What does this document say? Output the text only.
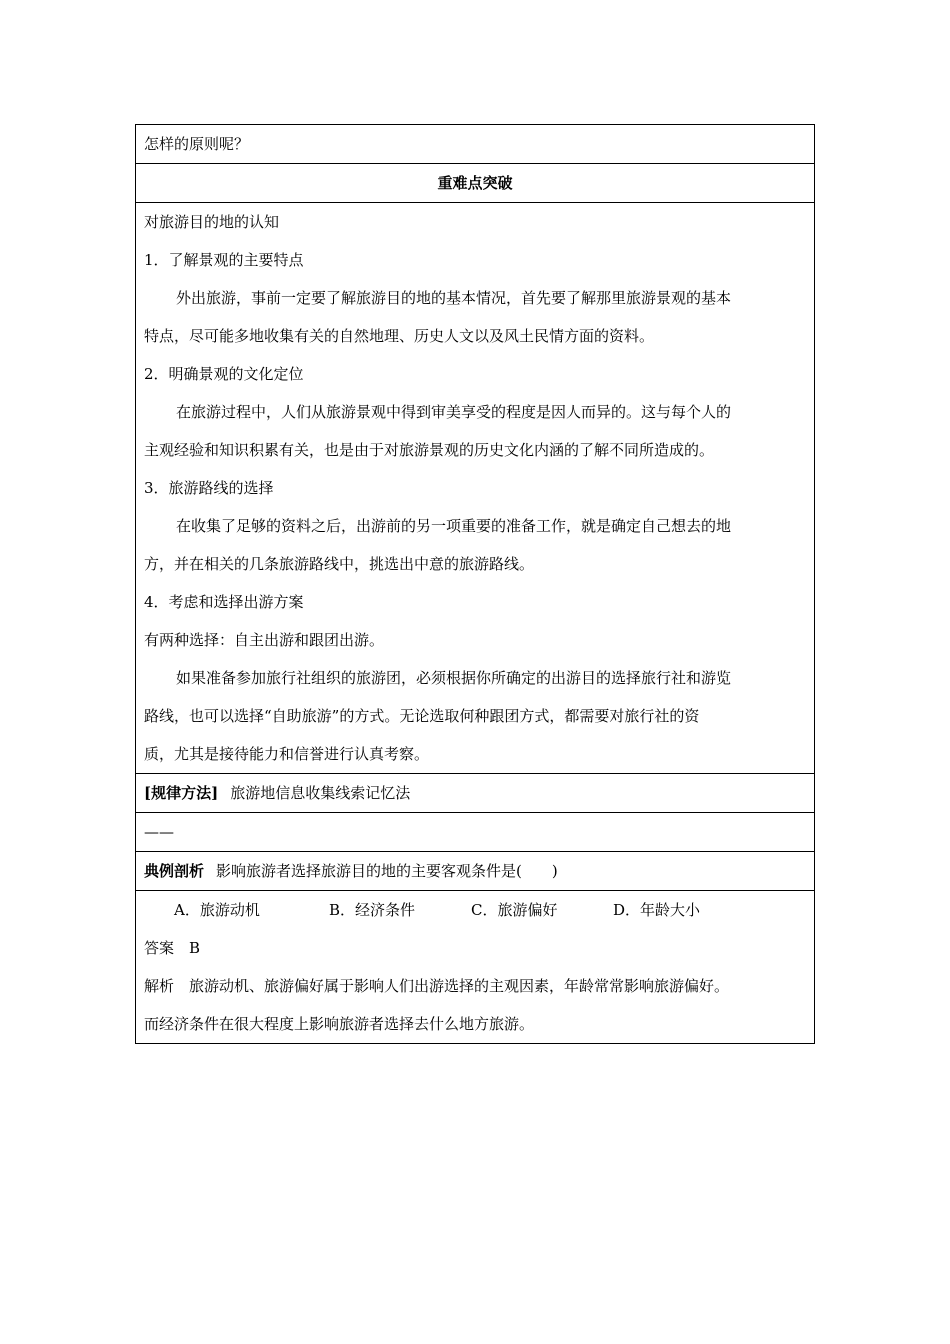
怎样的原则呢？

重难点突破

对旅游目的地的认知
1．了解景观的主要特点
外出旅游，事前一定要了解旅游目的地的基本情况，首先要了解那里旅游景观的基本
特点，尽可能多地收集有关的自然地理、历史人文以及风土民情方面的资料。
2．明确景观的文化定位
在旅游过程中，人们从旅游景观中得到审美享受的程度是因人而异的。这与每个人的
主观经验和知识积累有关，也是由于对旅游景观的历史文化内涵的了解不同所造成的。
3．旅游路线的选择
在收集了足够的资料之后，出游前的另一项重要的准备工作，就是确定自己想去的地
方，并在相关的几条旅游路线中，挑选出中意的旅游路线。
4．考虑和选择出游方案
有两种选择：自主出游和跟团出游。
如果准备参加旅行社组织的旅游团，必须根据你所确定的出游目的选择旅行社和游览
路线，也可以选择“自助旅游”的方式。无论选取何种跟团方式，都需要对旅行社的资
质，尤其是接待能力和信誉进行认真考察。

[规律方法] 旅游地信息收集线索记忆法

——

典例剖析 影响旅游者选择旅游目的地的主要客观条件是(　　)

A．旅游动机	B．经济条件	C．旅游偏好	D．年龄大小
答案　B
解析　旅游动机、旅游偏好属于影响人们出游选择的主观因素，年龄常常影响旅游偏好。
而经济条件在很大程度上影响旅游者选择去什么地方旅游。
